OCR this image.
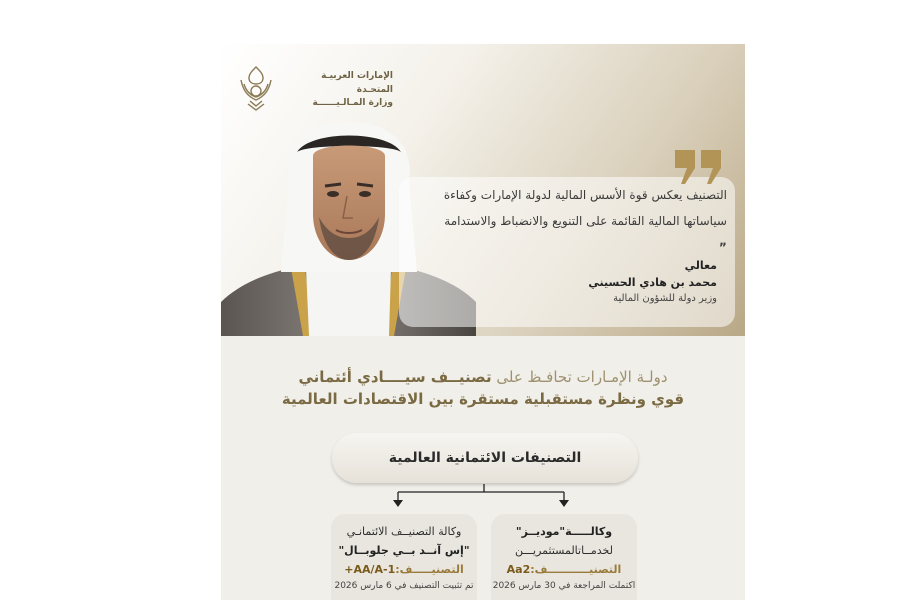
الإمارات العربيـة المتحـدة
وزارة المـالـيــــــة
التصنيف يعكس قوة الأسس المالية لدولة الإمارات وكفاءة
سياساتها المالية القائمة على التنويع والانضباط والاستدامة
„
معالي
محمد بن هادي الحسيني
وزير دولة للشؤون المالية
دولـة الإمـارات تحافـظ على تصنيــف سيــــادي أئتماني
قوي ونظرة مستقبلية مستقرة بين الاقتصادات العالمية
التصنيفات الائتمانية العالمية
وكالـــــة"موديــز"
لخدمــاتالمستثمريـــن
التصنيـــــــــــف:Aa2
اكتملت المراجعة في 30 مارس 2026
وكالة التصنيــف الائتمانـي
"إس آنــد بــي جلوبــال"
التصنيـــــف:AA/A-1+
تم تثبيت التصنيف في 6 مارس 2026
